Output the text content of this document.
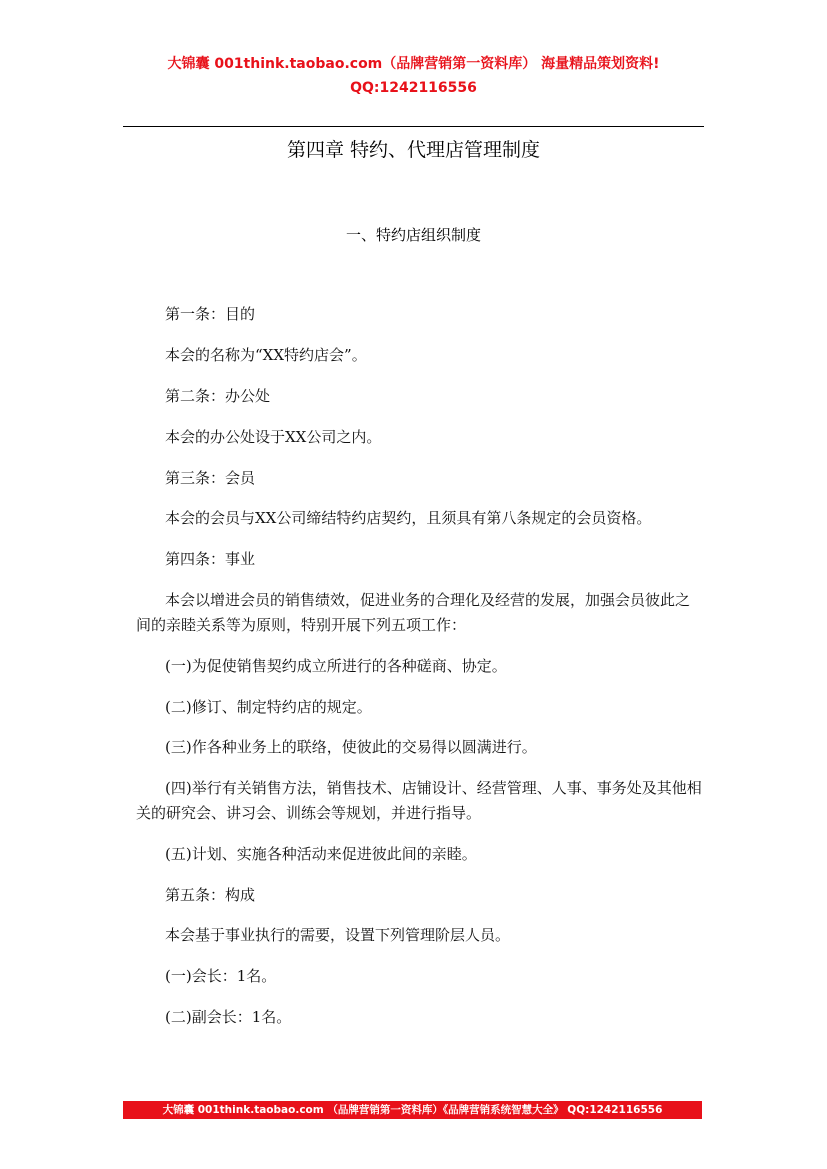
大锦囊 001think.taobao.com（品牌营销第一资料库） 海量精品策划资料!
QQ:1242116556
第四章 特约、代理店管理制度
一、特约店组织制度

第一条：目的

本会的名称为“XX特约店会”。

第二条：办公处

本会的办公处设于XX公司之内。

第三条：会员

本会的会员与XX公司缔结特约店契约，且须具有第八条规定的会员资格。

第四条：事业

本会以增进会员的销售绩效，促进业务的合理化及经营的发展，加强会员彼此之间的亲睦关系等为原则，特别开展下列五项工作：

(一)为促使销售契约成立所进行的各种磋商、协定。

(二)修订、制定特约店的规定。

(三)作各种业务上的联络，使彼此的交易得以圆满进行。

(四)举行有关销售方法，销售技术、店铺设计、经营管理、人事、事务处及其他相关的研究会、讲习会、训练会等规划，并进行指导。

(五)计划、实施各种活动来促进彼此间的亲睦。

第五条：构成

本会基于事业执行的需要，设置下列管理阶层人员。

(一)会长：1名。

(二)副会长：1名。

大锦囊 001think.taobao.com （品牌营销第一资料库）《品牌营销系统智慧大全》 QQ:1242116556
